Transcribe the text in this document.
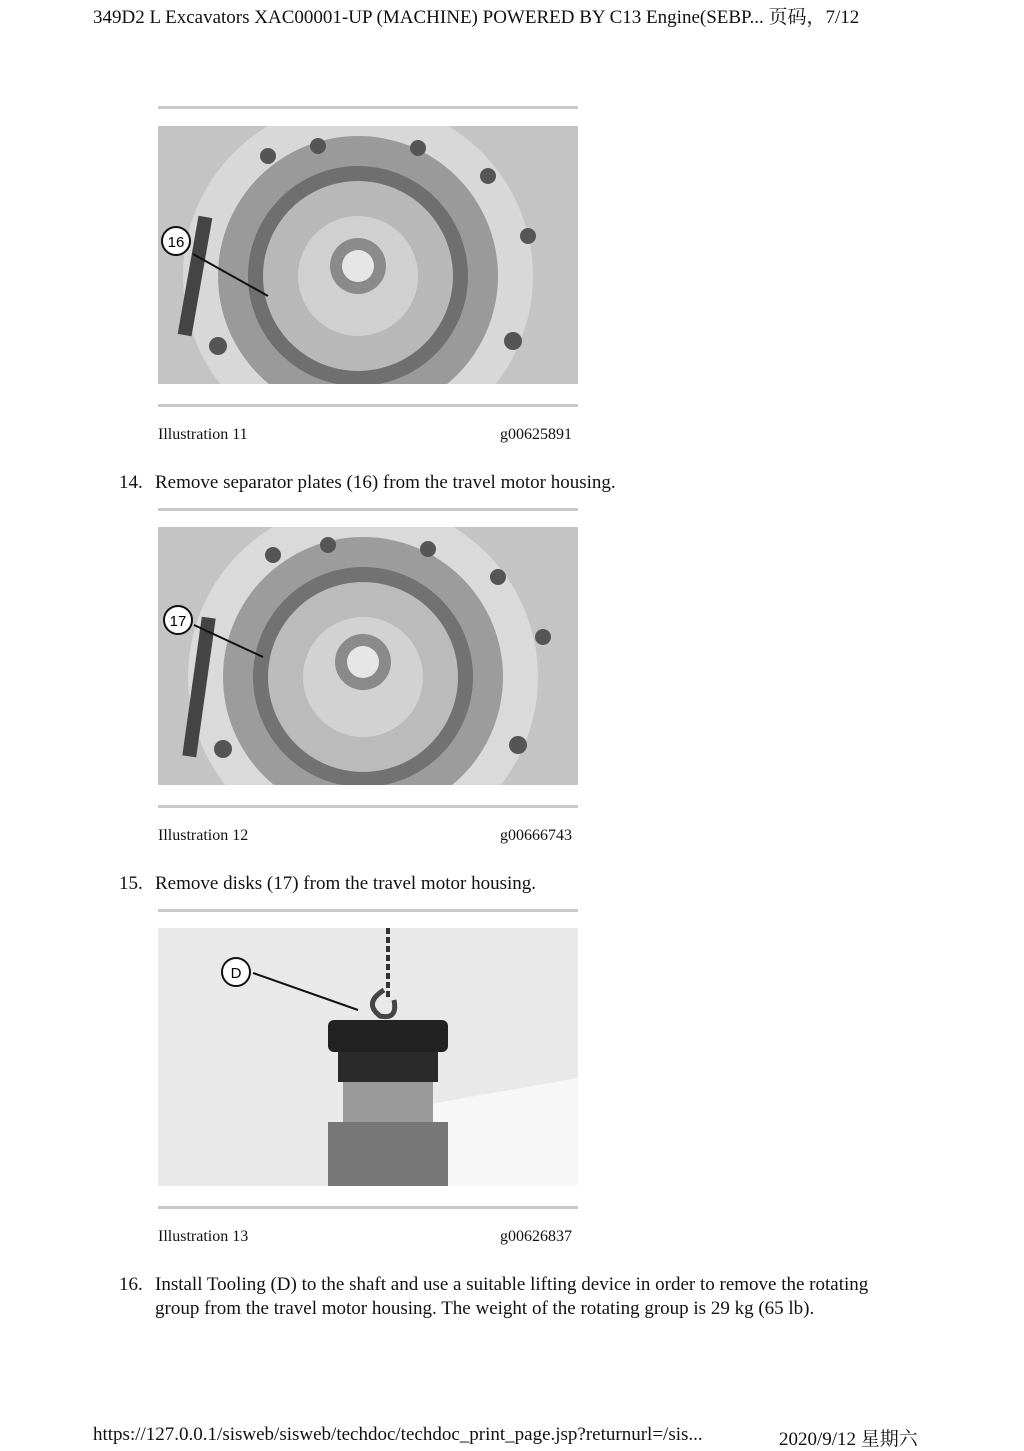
349D2 L Excavators XAC00001-UP (MACHINE) POWERED BY C13 Engine(SEBP... 页码，7/12
16
Illustration 11	g00625891
14. Remove separator plates (16) from the travel motor housing.
17
Illustration 12	g00666743
15. Remove disks (17) from the travel motor housing.
D
Illustration 13	g00626837
16. Install Tooling (D) to the shaft and use a suitable lifting device in order to remove the rotating group from the travel motor housing. The weight of the rotating group is 29 kg (65 lb).
https://127.0.0.1/sisweb/sisweb/techdoc/techdoc_print_page.jsp?returnurl=/sis...	2020/9/12 星期六
